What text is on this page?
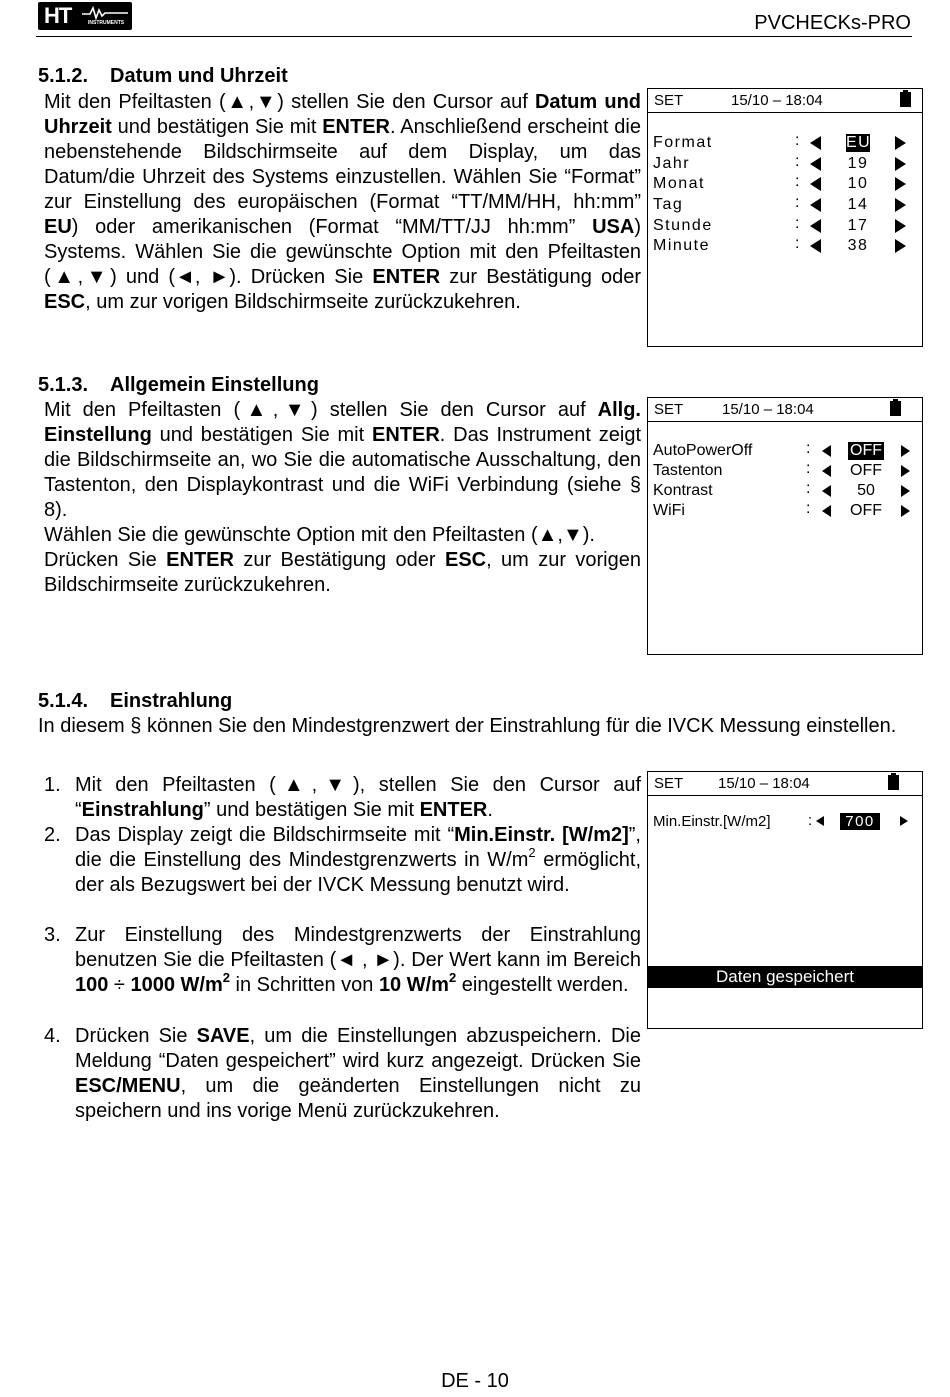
HT	INSTRUMENTS	PVCHECKs-PRO
5.1.2. Datum und Uhrzeit
Mit den Pfeiltasten (▲,▼) stellen Sie den Cursor auf Datum und Uhrzeit und bestätigen Sie mit ENTER. Anschließend erscheint die nebenstehende Bildschirmseite auf dem Display, um das Datum/die Uhrzeit des Systems einzustellen. Wählen Sie “Format” zur Einstellung des europäischen (Format “TT/MM/HH, hh:mm” EU) oder amerikanischen (Format “MM/TT/JJ hh:mm” USA) Systems. Wählen Sie die gewünschte Option mit den Pfeiltasten (▲,▼) und (◄, ►). Drücken Sie ENTER zur Bestätigung oder ESC, um zur vorigen Bildschirmseite zurückzukehren.
SET	15/10 – 18:04
Format	:	EU
Jahr	:	19
Monat	:	10
Tag	:	14
Stunde	:	17
Minute	:	38
5.1.3. Allgemein Einstellung
Mit den Pfeiltasten (▲,▼) stellen Sie den Cursor auf Allg. Einstellung und bestätigen Sie mit ENTER. Das Instrument zeigt die Bildschirmseite an, wo Sie die automatische Ausschaltung, den Tastenton, den Displaykontrast und die WiFi Verbindung (siehe § 8).
Wählen Sie die gewünschte Option mit den Pfeiltasten (▲,▼).
Drücken Sie ENTER zur Bestätigung oder ESC, um zur vorigen Bildschirmseite zurückzukehren.
SET	15/10 – 18:04
AutoPowerOff	: OFF
Tastenton	: OFF
Kontrast	:	50
WiFi	: OFF
5.1.4. Einstrahlung
In diesem § können Sie den Mindestgrenzwert der Einstrahlung für die IVCK Messung einstellen.
1. Mit den Pfeiltasten (▲,▼), stellen Sie den Cursor auf “Einstrahlung” und bestätigen Sie mit ENTER.
2. Das Display zeigt die Bildschirmseite mit “Min.Einstr. [W/m2]”, die die Einstellung des Mindestgrenzwerts in $W/m^2$ ermöglicht, der als Bezugswert bei der IVCK Messung benutzt wird.
3. Zur Einstellung des Mindestgrenzwerts der Einstrahlung benutzen Sie die Pfeiltasten (◄ , ►). Der Wert kann im Bereich 100 ÷ 1000 $W/m^2$ in Schritten von 10 $W/m^2$ eingestellt werden.
4. Drücken Sie SAVE, um die Einstellungen abzuspeichern. Die Meldung “Daten gespeichert” wird kurz angezeigt. Drücken Sie ESC/MENU, um die geänderten Einstellungen nicht zu speichern und ins vorige Menü zurückzukehren.
SET 15/10 – 18:04
Min.Einstr.[W/m2] :	700
Daten gespeichert
DE - 10
